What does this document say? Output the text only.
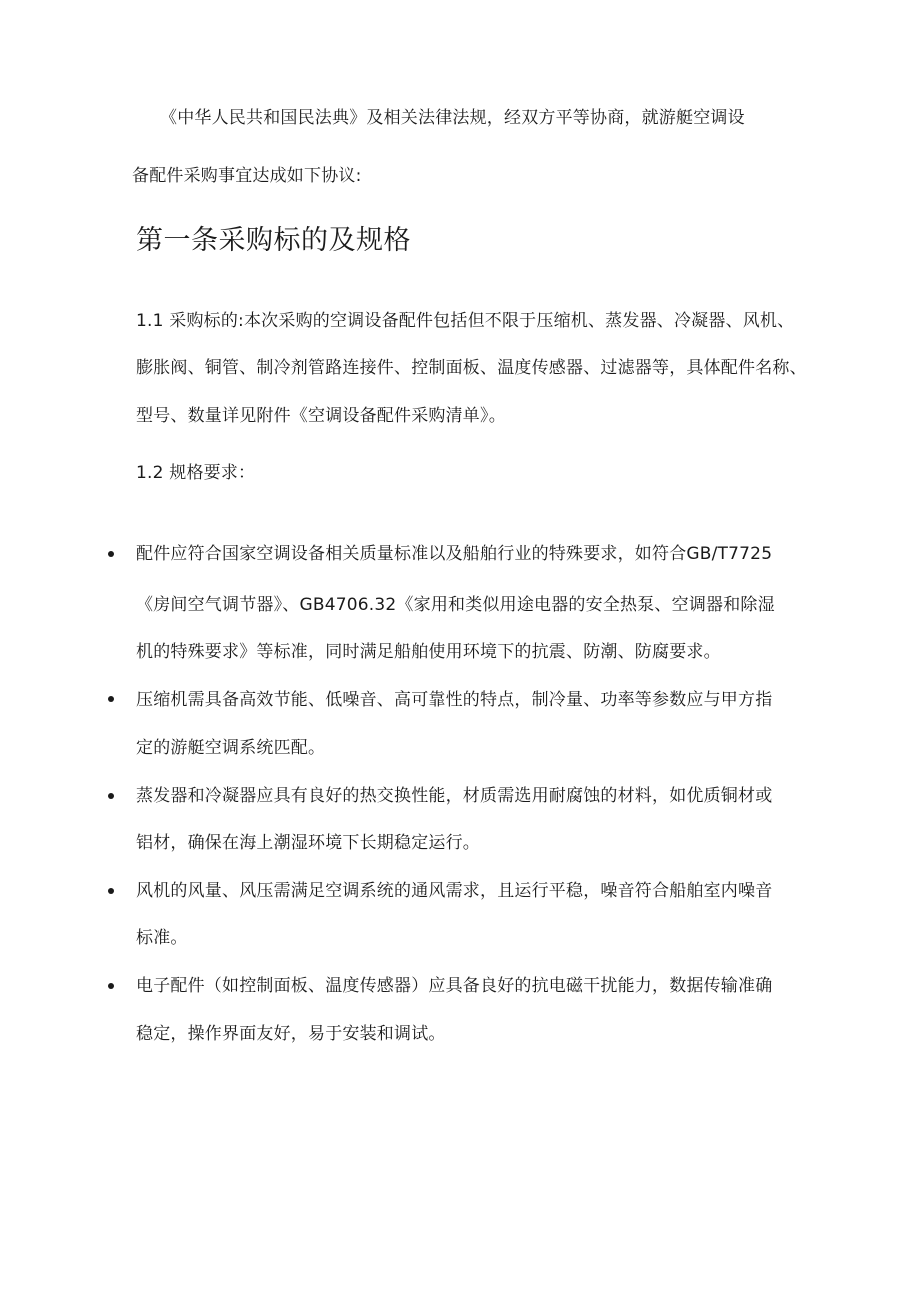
《中华人民共和国民法典》及相关法律法规，经双方平等协商，就游艇空调设
备配件采购事宜达成如下协议:
第一条采购标的及规格
1.1 采购标的:本次采购的空调设备配件包括但不限于压缩机、蒸发器、冷凝器、风机、
膨胀阀、铜管、制冷剂管路连接件、控制面板、温度传感器、过滤器等，具体配件名称、
型号、数量详见附件《空调设备配件采购清单》。
1.2 规格要求：
配件应符合国家空调设备相关质量标准以及船舶行业的特殊要求，如符合GB/T7725
《房间空气调节器》、GB4706.32《家用和类似用途电器的安全热泵、空调器和除湿
机的特殊要求》等标准，同时满足船舶使用环境下的抗震、防潮、防腐要求。
压缩机需具备高效节能、低噪音、高可靠性的特点，制冷量、功率等参数应与甲方指
定的游艇空调系统匹配。
蒸发器和冷凝器应具有良好的热交换性能，材质需选用耐腐蚀的材料，如优质铜材或
铝材，确保在海上潮湿环境下长期稳定运行。
风机的风量、风压需满足空调系统的通风需求，且运行平稳，噪音符合船舶室内噪音
标准。
电子配件（如控制面板、温度传感器）应具备良好的抗电磁干扰能力，数据传输准确
稳定，操作界面友好，易于安装和调试。
